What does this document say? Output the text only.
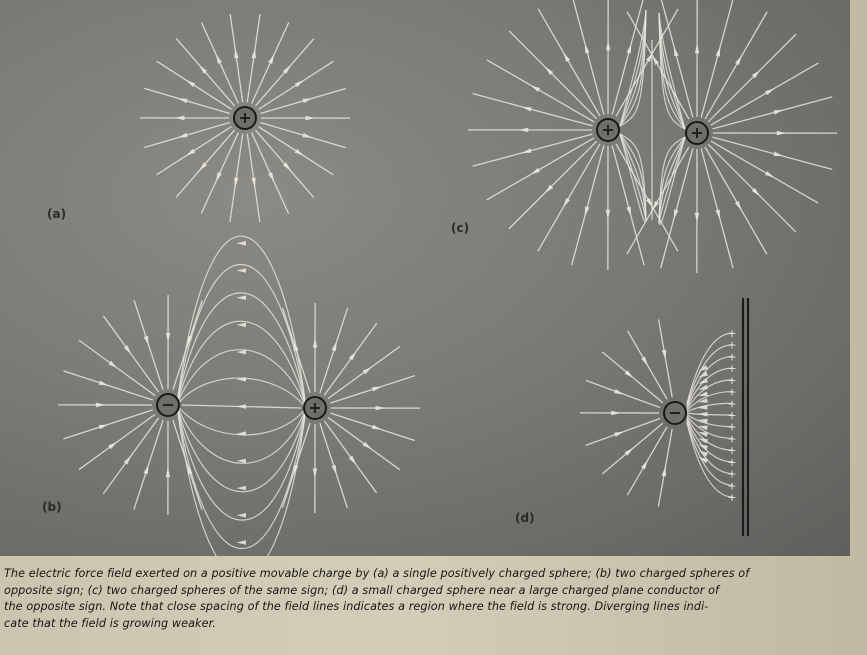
+
+
+
+
+
+
+
+
+
+
+
+
+
+
+
(a)
(b)
(c)
(d)
The electric force field exerted on a positive movable charge by (a) a single positively charged sphere; (b) two charged spheres of
opposite sign; (c) two charged spheres of the same sign; (d) a small charged sphere near a large charged plane conductor of
the opposite sign. Note that close spacing of the field lines indicates a region where the field is strong. Diverging lines indi-
cate that the field is growing weaker.
